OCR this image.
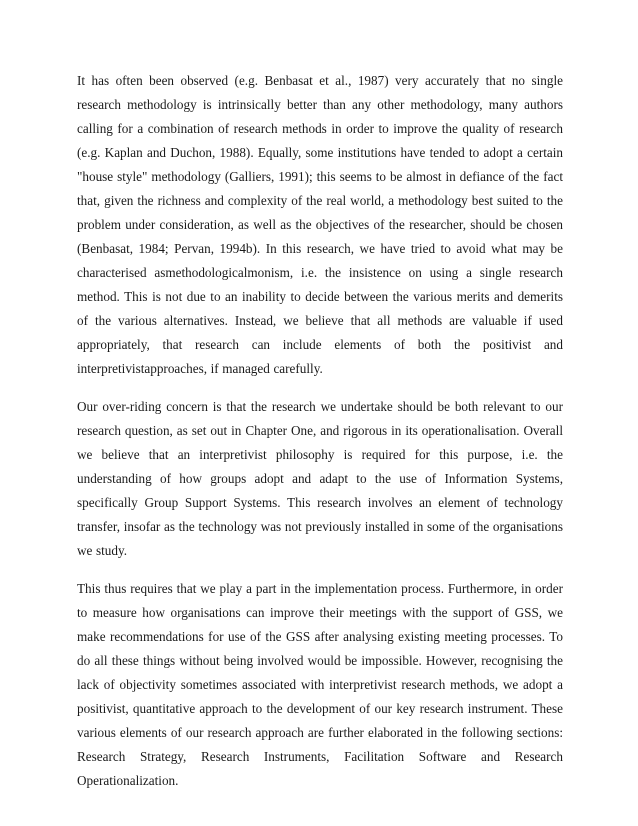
It has often been observed (e.g. Benbasat et al., 1987) very accurately that no single research methodology is intrinsically better than any other methodology, many authors calling for a combination of research methods in order to improve the quality of research (e.g. Kaplan and Duchon, 1988). Equally, some institutions have tended to adopt a certain "house style" methodology (Galliers, 1991); this seems to be almost in defiance of the fact that, given the richness and complexity of the real world, a methodology best suited to the problem under consideration, as well as the objectives of the researcher, should be chosen (Benbasat, 1984; Pervan, 1994b). In this research, we have tried to avoid what may be characterised asmethodologicalmonism, i.e. the insistence on using a single research method. This is not due to an inability to decide between the various merits and demerits of the various alternatives. Instead, we believe that all methods are valuable if used appropriately, that research can include elements of both the positivist and interpretivistapproaches, if managed carefully.

Our over-riding concern is that the research we undertake should be both relevant to our research question, as set out in Chapter One, and rigorous in its operationalisation. Overall we believe that an interpretivist philosophy is required for this purpose, i.e. the understanding of how groups adopt and adapt to the use of Information Systems, specifically Group Support Systems. This research involves an element of technology transfer, insofar as the technology was not previously installed in some of the organisations we study.

This thus requires that we play a part in the implementation process. Furthermore, in order to measure how organisations can improve their meetings with the support of GSS, we make recommendations for use of the GSS after analysing existing meeting processes. To do all these things without being involved would be impossible. However, recognising the lack of objectivity sometimes associated with interpretivist research methods, we adopt a positivist, quantitative approach to the development of our key research instrument. These various elements of our research approach are further elaborated in the following sections: Research Strategy, Research Instruments, Facilitation Software and Research Operationalization.
